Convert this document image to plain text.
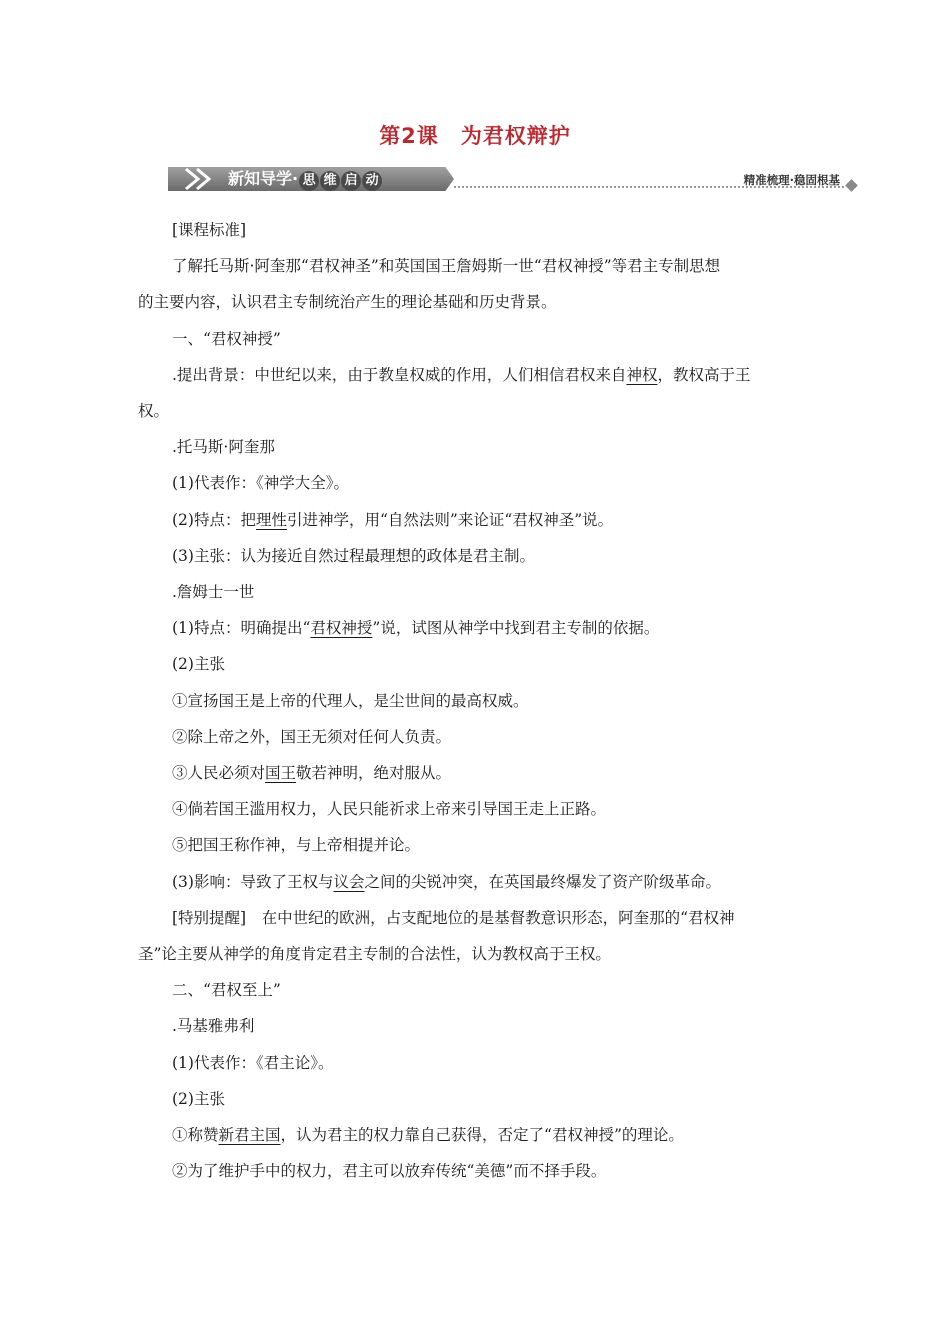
第2课 为君权辩护
新知导学· 思 维 启 动	精准梳理·稳固根基

[课程标准]

了解托马斯·阿奎那“君权神圣”和英国国王詹姆斯一世“君权神授”等君主专制思想

的主要内容，认识君主专制统治产生的理论基础和历史背景。

一、“君权神授”

.提出背景：中世纪以来，由于教皇权威的作用，人们相信君权来自神权，教权高于王

权。

.托马斯·阿奎那

(1)代表作：《神学大全》。

(2)特点：把理性引进神学，用“自然法则”来论证“君权神圣”说。

(3)主张：认为接近自然过程最理想的政体是君主制。

.詹姆士一世

(1)特点：明确提出“君权神授”说，试图从神学中找到君主专制的依据。

(2)主张

①宣扬国王是上帝的代理人，是尘世间的最高权威。

②除上帝之外，国王无须对任何人负责。

③人民必须对国王敬若神明，绝对服从。

④倘若国王滥用权力，人民只能祈求上帝来引导国王走上正路。

⑤把国王称作神，与上帝相提并论。

(3)影响：导致了王权与议会之间的尖锐冲突，在英国最终爆发了资产阶级革命。

[特别提醒]　在中世纪的欧洲，占支配地位的是基督教意识形态，阿奎那的“君权神

圣”论主要从神学的角度肯定君主专制的合法性，认为教权高于王权。

二、“君权至上”

.马基雅弗利

(1)代表作：《君主论》。

(2)主张

①称赞新君主国，认为君主的权力靠自己获得，否定了“君权神授”的理论。

②为了维护手中的权力，君主可以放弃传统“美德”而不择手段。
